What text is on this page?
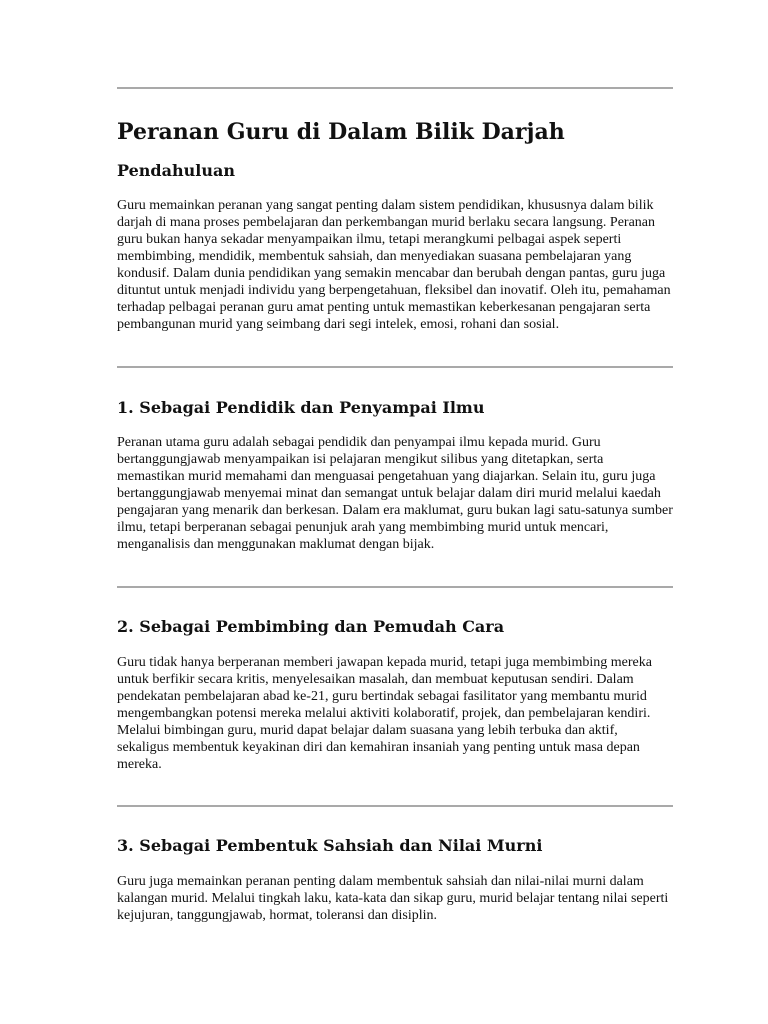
Peranan Guru di Dalam Bilik Darjah
Pendahuluan

Guru memainkan peranan yang sangat penting dalam sistem pendidikan, khususnya dalam bilik darjah di mana proses pembelajaran dan perkembangan murid berlaku secara langsung. Peranan guru bukan hanya sekadar menyampaikan ilmu, tetapi merangkumi pelbagai aspek seperti membimbing, mendidik, membentuk sahsiah, dan menyediakan suasana pembelajaran yang kondusif. Dalam dunia pendidikan yang semakin mencabar dan berubah dengan pantas, guru juga dituntut untuk menjadi individu yang berpengetahuan, fleksibel dan inovatif. Oleh itu, pemahaman terhadap pelbagai peranan guru amat penting untuk memastikan keberkesanan pengajaran serta pembangunan murid yang seimbang dari segi intelek, emosi, rohani dan sosial.

1. Sebagai Pendidik dan Penyampai Ilmu

Peranan utama guru adalah sebagai pendidik dan penyampai ilmu kepada murid. Guru bertanggungjawab menyampaikan isi pelajaran mengikut silibus yang ditetapkan, serta memastikan murid memahami dan menguasai pengetahuan yang diajarkan. Selain itu, guru juga bertanggungjawab menyemai minat dan semangat untuk belajar dalam diri murid melalui kaedah pengajaran yang menarik dan berkesan. Dalam era maklumat, guru bukan lagi satu-satunya sumber ilmu, tetapi berperanan sebagai penunjuk arah yang membimbing murid untuk mencari, menganalisis dan menggunakan maklumat dengan bijak.

2. Sebagai Pembimbing dan Pemudah Cara

Guru tidak hanya berperanan memberi jawapan kepada murid, tetapi juga membimbing mereka untuk berfikir secara kritis, menyelesaikan masalah, dan membuat keputusan sendiri. Dalam pendekatan pembelajaran abad ke-21, guru bertindak sebagai fasilitator yang membantu murid mengembangkan potensi mereka melalui aktiviti kolaboratif, projek, dan pembelajaran kendiri. Melalui bimbingan guru, murid dapat belajar dalam suasana yang lebih terbuka dan aktif, sekaligus membentuk keyakinan diri dan kemahiran insaniah yang penting untuk masa depan mereka.

3. Sebagai Pembentuk Sahsiah dan Nilai Murni

Guru juga memainkan peranan penting dalam membentuk sahsiah dan nilai-nilai murni dalam kalangan murid. Melalui tingkah laku, kata-kata dan sikap guru, murid belajar tentang nilai seperti kejujuran, tanggungjawab, hormat, toleransi dan disiplin.
